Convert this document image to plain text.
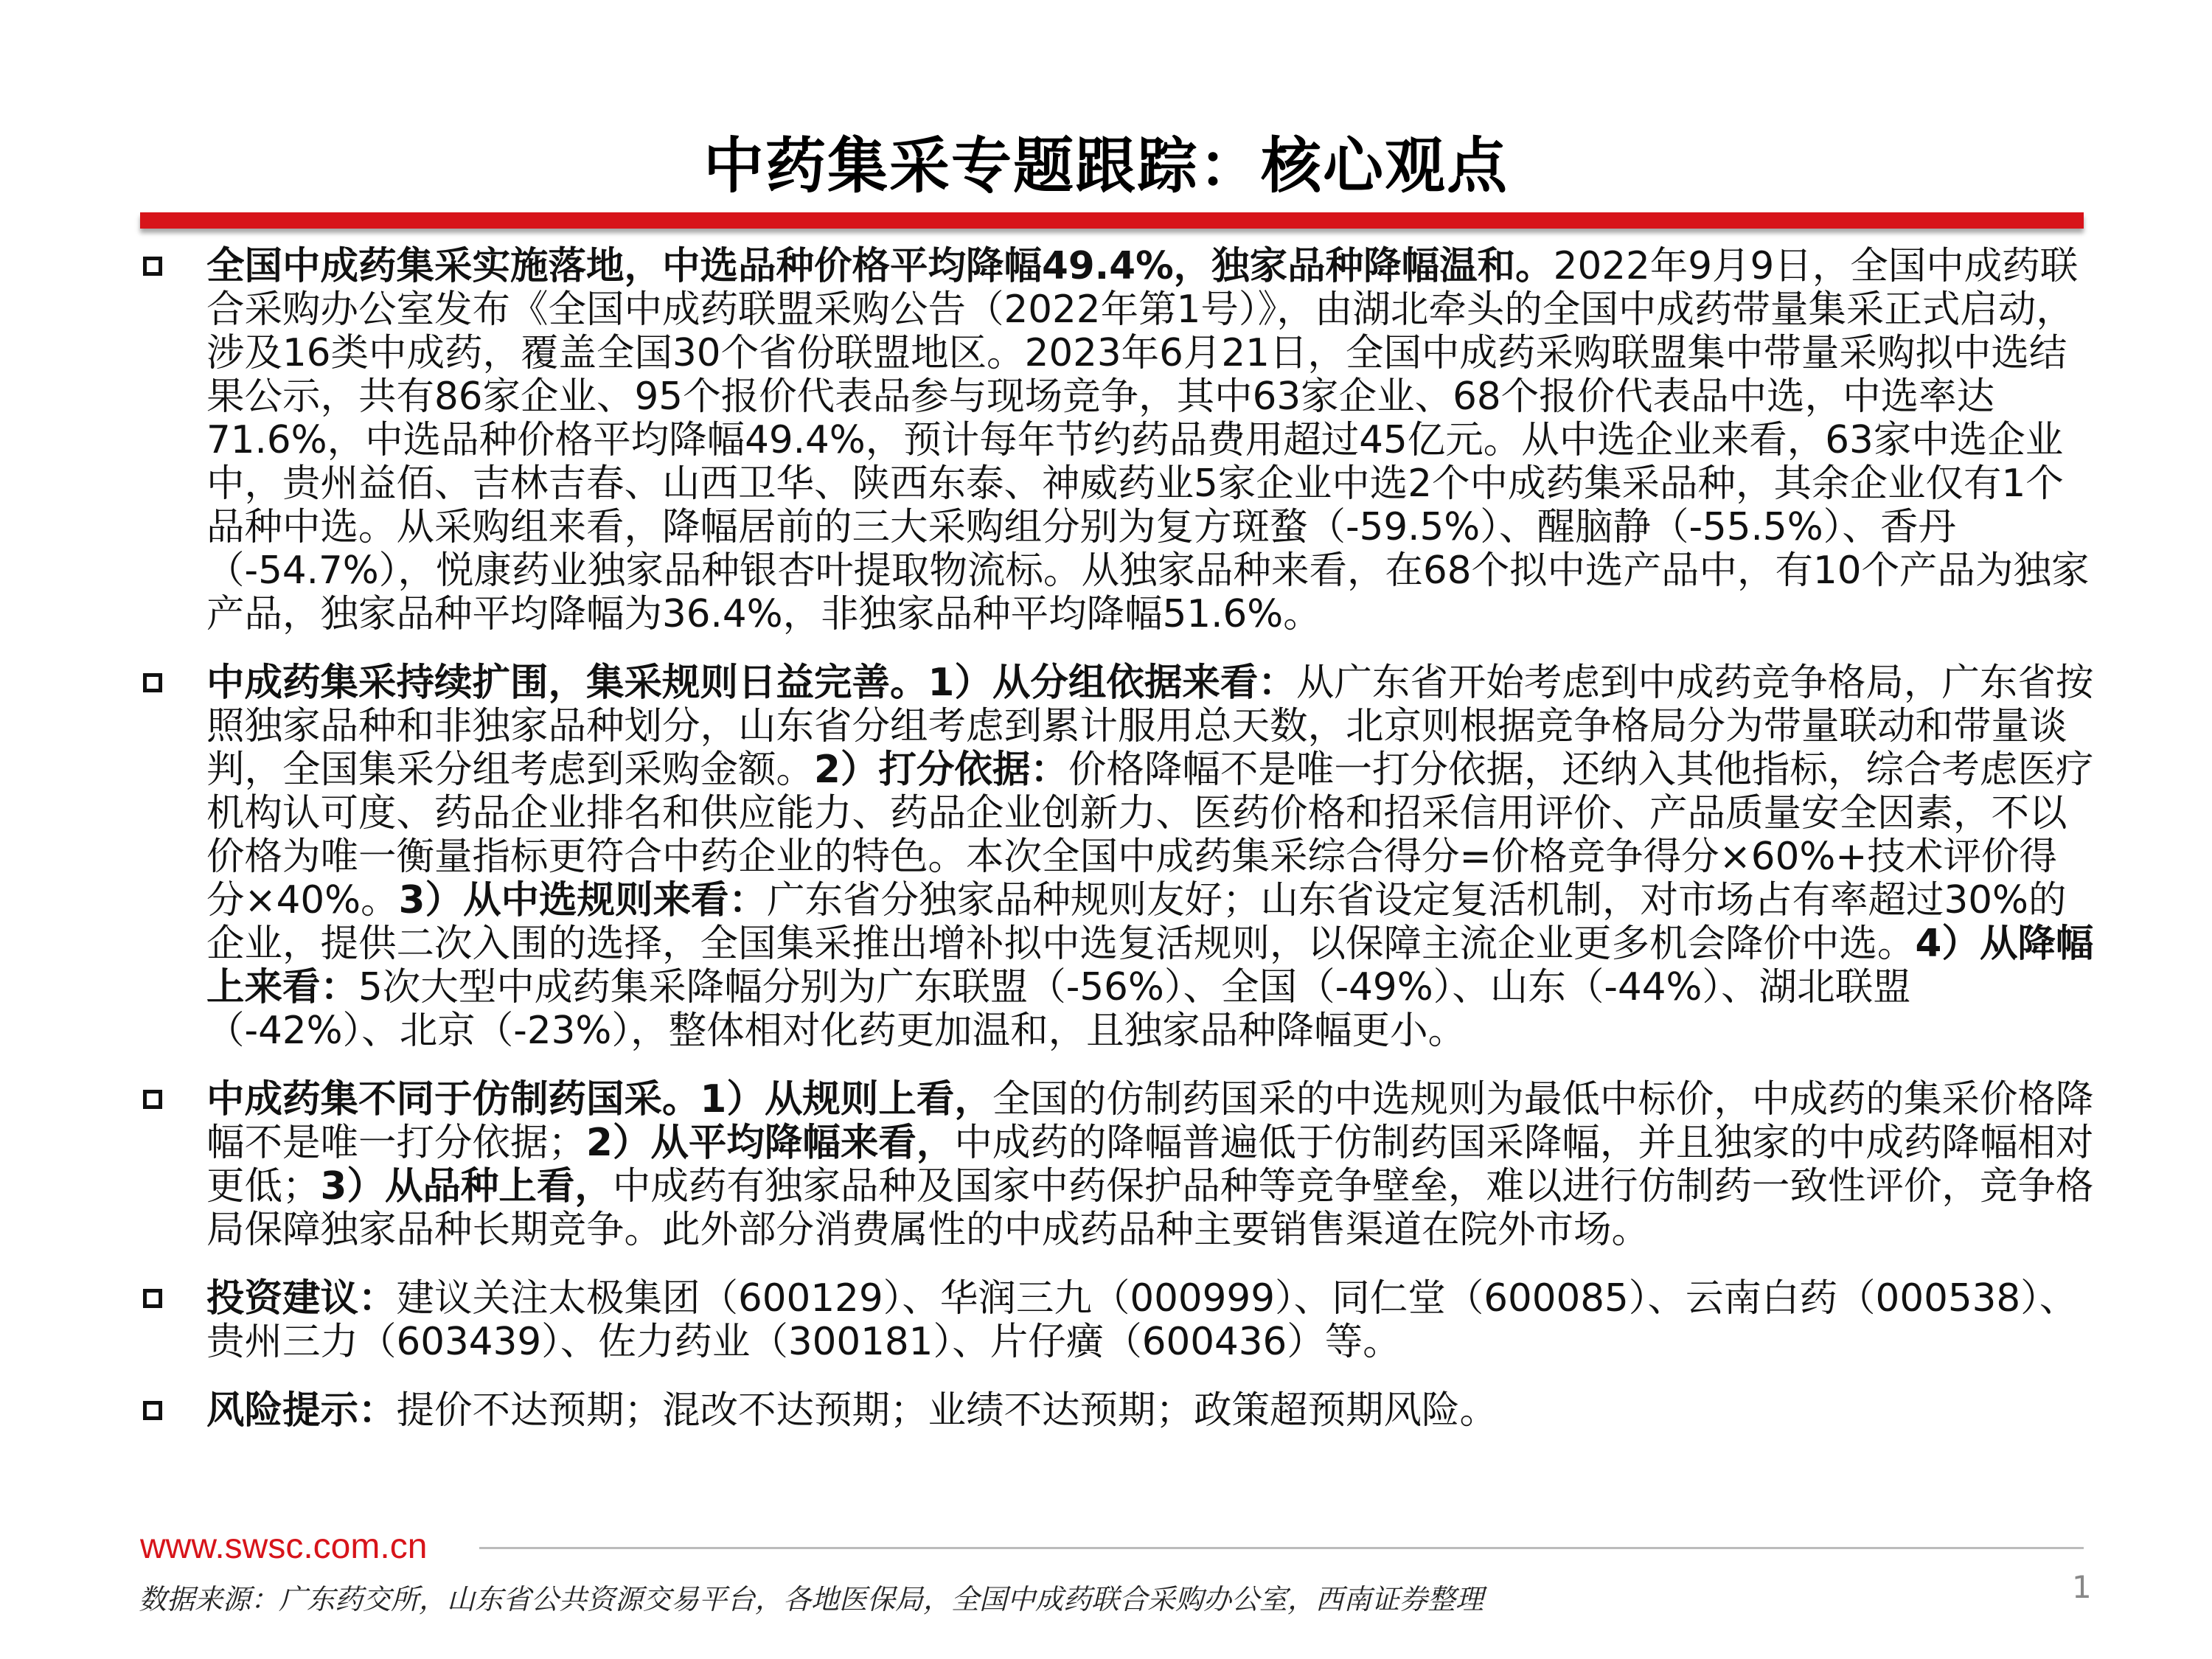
中药集采专题跟踪：核心观点
全国中成药集采实施落地，中选品种价格平均降幅49.4%，独家品种降幅温和。2022年9月9日，全国中成药联合采购办公室发布《全国中成药联盟采购公告（2022年第1号）》，由湖北牵头的全国中成药带量集采正式启动，涉及16类中成药，覆盖全国30个省份联盟地区。2023年6月21日，全国中成药采购联盟集中带量采购拟中选结果公示，共有86家企业、95个报价代表品参与现场竞争，其中63家企业、68个报价代表品中选，中选率达71.6%，中选品种价格平均降幅49.4%，预计每年节约药品费用超过45亿元。从中选企业来看，63家中选企业中，贵州益佰、吉林吉春、山西卫华、陕西东泰、神威药业5家企业中选2个中成药集采品种，其余企业仅有1个品种中选。从采购组来看，降幅居前的三大采购组分别为复方斑蝥（-59.5%）、醒脑静（-55.5%）、香丹（-54.7%），悦康药业独家品种银杏叶提取物流标。从独家品种来看，在68个拟中选产品中，有10个产品为独家产品，独家品种平均降幅为36.4%，非独家品种平均降幅51.6%。
中成药集采持续扩围，集采规则日益完善。1）从分组依据来看：从广东省开始考虑到中成药竞争格局，广东省按照独家品种和非独家品种划分，山东省分组考虑到累计服用总天数，北京则根据竞争格局分为带量联动和带量谈判，全国集采分组考虑到采购金额。2）打分依据：价格降幅不是唯一打分依据，还纳入其他指标，综合考虑医疗机构认可度、药品企业排名和供应能力、药品企业创新力、医药价格和招采信用评价、产品质量安全因素，不以价格为唯一衡量指标更符合中药企业的特色。本次全国中成药集采综合得分=价格竞争得分×60%+技术评价得分×40%。3）从中选规则来看：广东省分独家品种规则友好；山东省设定复活机制，对市场占有率超过30%的企业，提供二次入围的选择，全国集采推出增补拟中选复活规则，以保障主流企业更多机会降价中选。4）从降幅上来看：5次大型中成药集采降幅分别为广东联盟（-56%）、全国（-49%）、山东（-44%）、湖北联盟（-42%）、北京（-23%），整体相对化药更加温和，且独家品种降幅更小。
中成药集不同于仿制药国采。1）从规则上看，全国的仿制药国采的中选规则为最低中标价，中成药的集采价格降幅不是唯一打分依据；2）从平均降幅来看，中成药的降幅普遍低于仿制药国采降幅，并且独家的中成药降幅相对更低；3）从品种上看，中成药有独家品种及国家中药保护品种等竞争壁垒，难以进行仿制药一致性评价，竞争格局保障独家品种长期竞争。此外部分消费属性的中成药品种主要销售渠道在院外市场。
投资建议：建议关注太极集团（600129）、华润三九（000999）、同仁堂（600085）、云南白药（000538）、贵州三力（603439）、佐力药业（300181）、片仔癀（600436）等。
风险提示：提价不达预期；混改不达预期；业绩不达预期；政策超预期风险。
www.swsc.com.cn
数据来源：广东药交所，山东省公共资源交易平台，各地医保局，全国中成药联合采购办公室，西南证券整理	1
